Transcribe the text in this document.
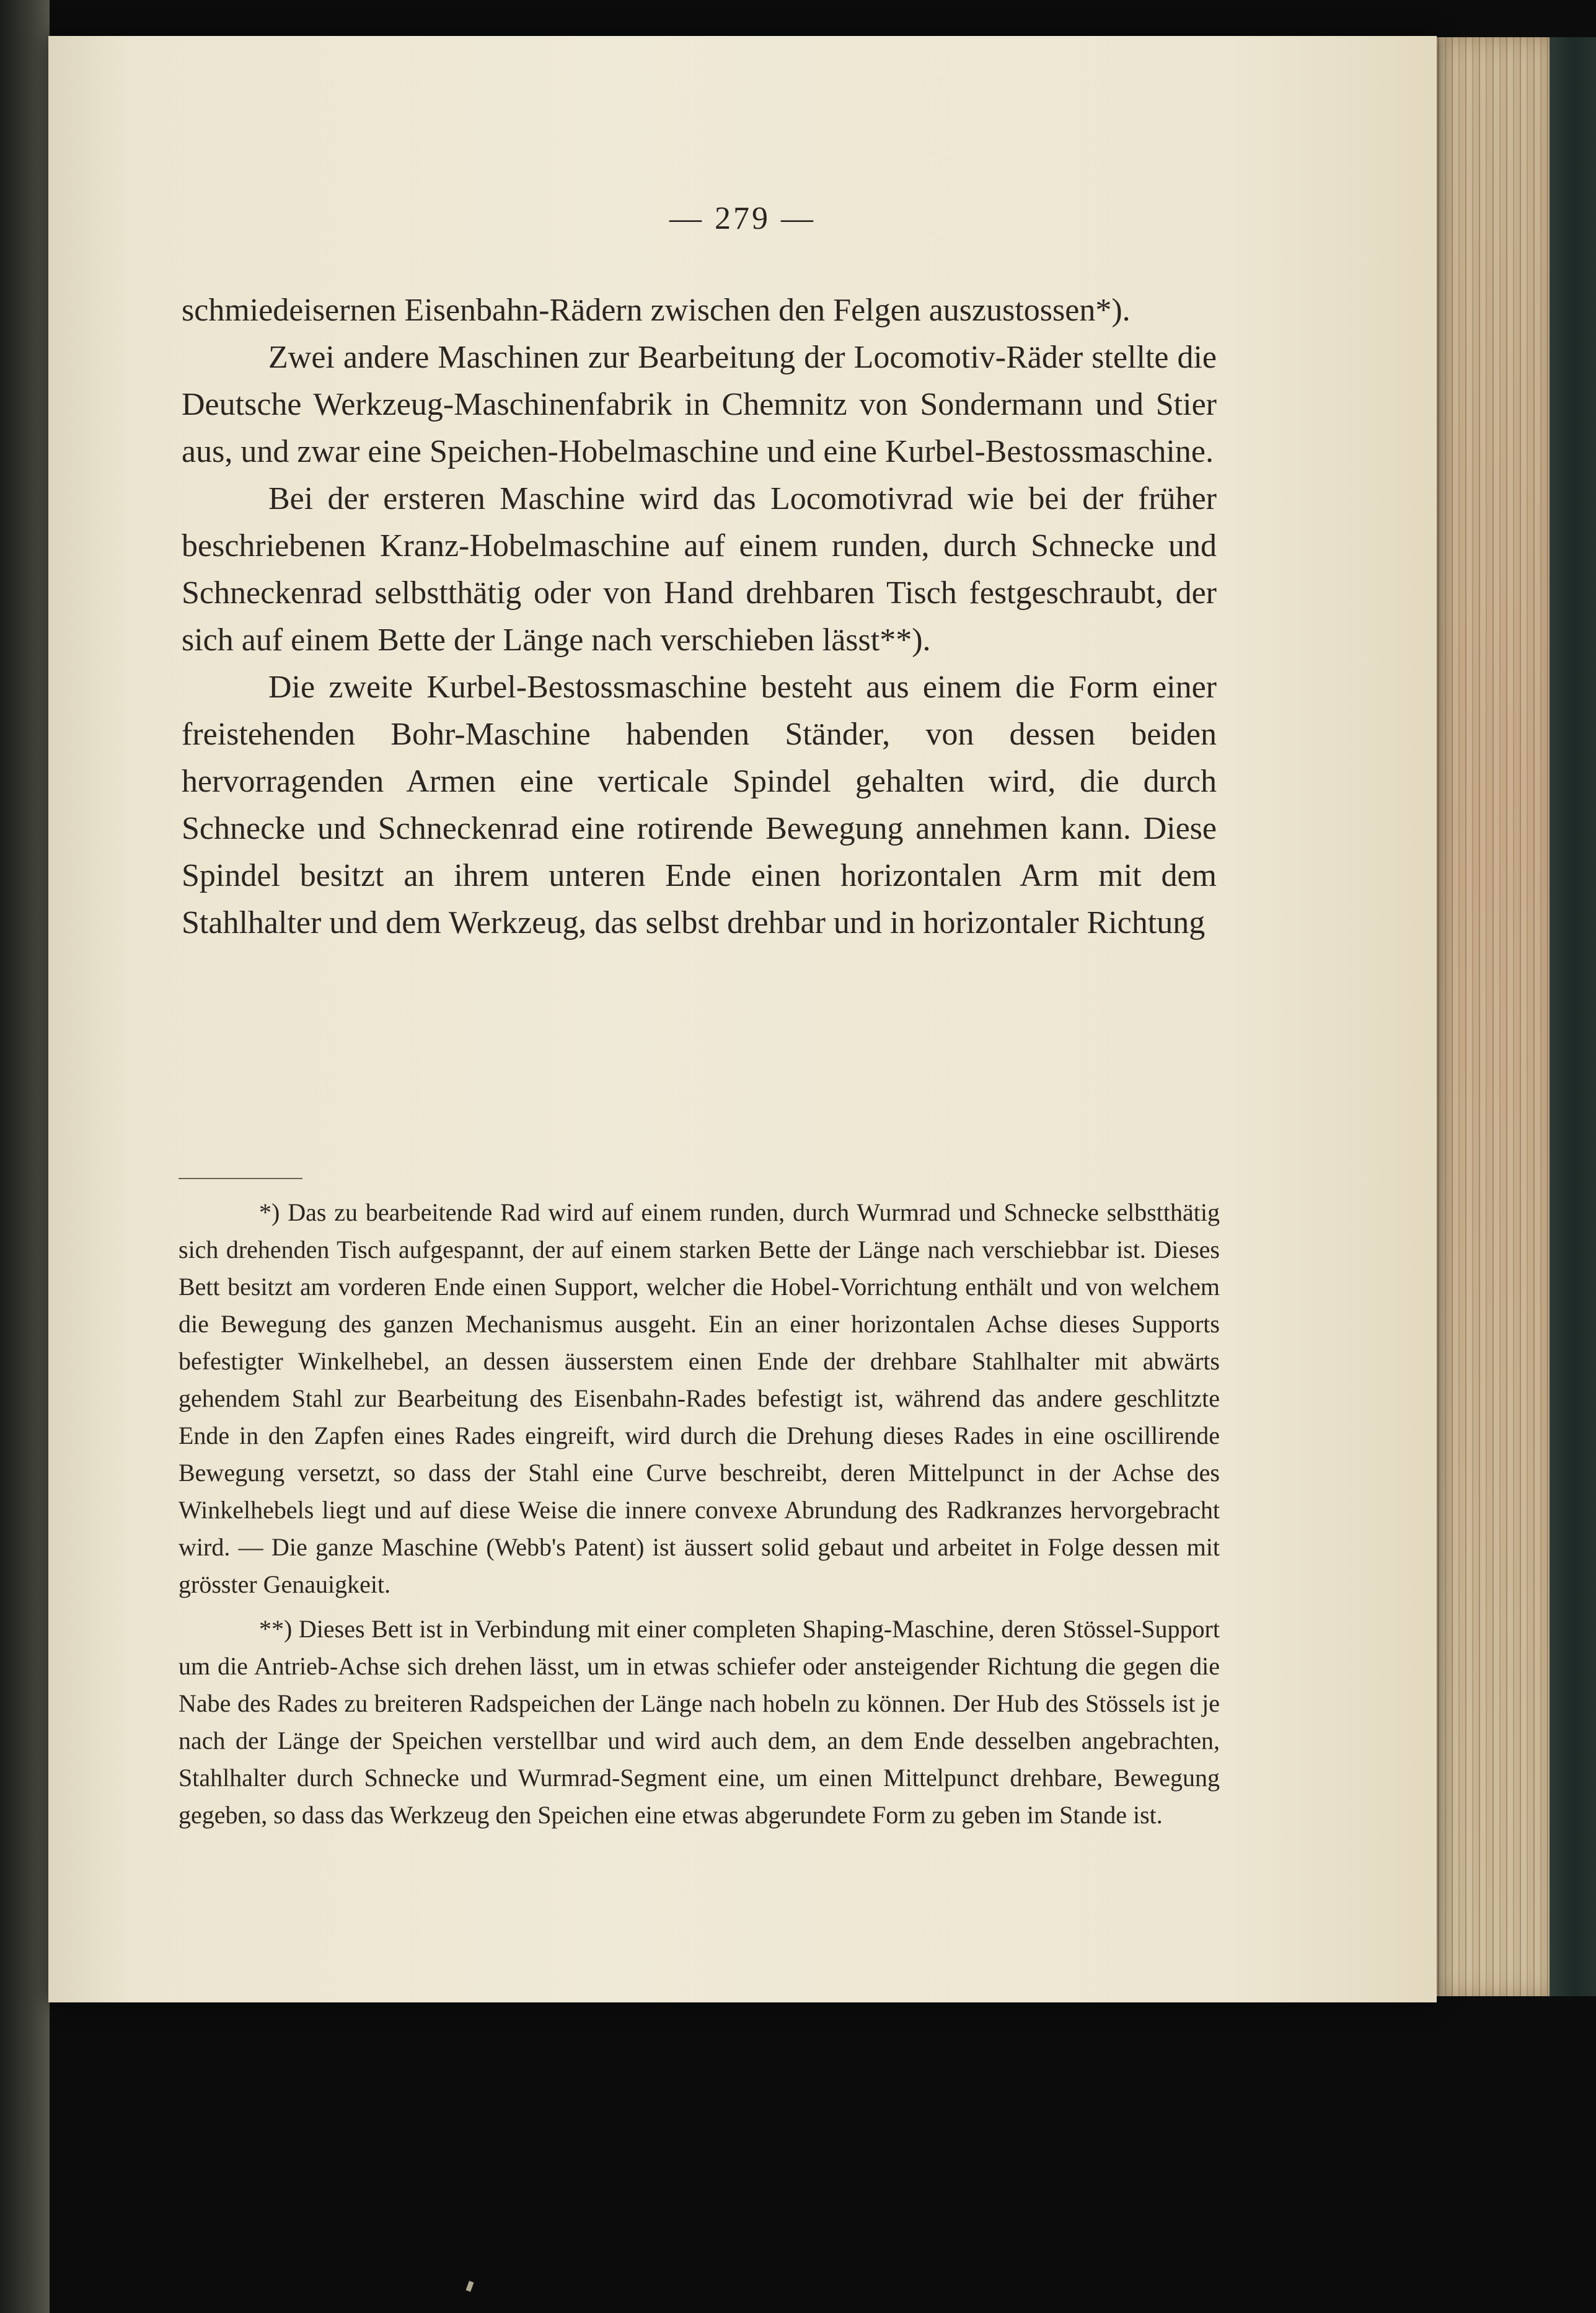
— 279 —

schmiedeisernen Eisenbahn-Rädern zwischen den Felgen auszustossen*).

Zwei andere Maschinen zur Bearbeitung der Locomotiv-Räder stellte die Deutsche Werkzeug-Maschinenfabrik in Chemnitz von Sondermann und Stier aus, und zwar eine Speichen-Hobelmaschine und eine Kurbel-Bestossmaschine.

Bei der ersteren Maschine wird das Locomotivrad wie bei der früher beschriebenen Kranz-Hobelmaschine auf einem runden, durch Schnecke und Schneckenrad selbstthätig oder von Hand drehbaren Tisch festgeschraubt, der sich auf einem Bette der Länge nach verschieben lässt**).

Die zweite Kurbel-Bestossmaschine besteht aus einem die Form einer freistehenden Bohr-Maschine habenden Ständer, von dessen beiden hervorragenden Armen eine verticale Spindel gehalten wird, die durch Schnecke und Schneckenrad eine rotirende Bewegung annehmen kann. Diese Spindel besitzt an ihrem unteren Ende einen horizontalen Arm mit dem Stahlhalter und dem Werkzeug, das selbst drehbar und in horizontaler Richtung

*) Das zu bearbeitende Rad wird auf einem runden, durch Wurmrad und Schnecke selbstthätig sich drehenden Tisch aufgespannt, der auf einem starken Bette der Länge nach verschiebbar ist. Dieses Bett besitzt am vorderen Ende einen Support, welcher die Hobel-Vorrichtung enthält und von welchem die Bewegung des ganzen Mechanismus ausgeht. Ein an einer horizontalen Achse dieses Supports befestigter Winkelhebel, an dessen äusserstem einen Ende der drehbare Stahlhalter mit abwärts gehendem Stahl zur Bearbeitung des Eisenbahn-Rades befestigt ist, während das andere geschlitzte Ende in den Zapfen eines Rades eingreift, wird durch die Drehung dieses Rades in eine oscillirende Bewegung versetzt, so dass der Stahl eine Curve beschreibt, deren Mittelpunct in der Achse des Winkelhebels liegt und auf diese Weise die innere convexe Abrundung des Radkranzes hervorgebracht wird. — Die ganze Maschine (Webb's Patent) ist äussert solid gebaut und arbeitet in Folge dessen mit grösster Genauigkeit.

**) Dieses Bett ist in Verbindung mit einer completen Shaping-Maschine, deren Stössel-Support um die Antrieb-Achse sich drehen lässt, um in etwas schiefer oder ansteigender Richtung die gegen die Nabe des Rades zu breiteren Radspeichen der Länge nach hobeln zu können. Der Hub des Stössels ist je nach der Länge der Speichen verstellbar und wird auch dem, an dem Ende desselben angebrachten, Stahlhalter durch Schnecke und Wurmrad-Segment eine, um einen Mittelpunct drehbare, Bewegung gegeben, so dass das Werkzeug den Speichen eine etwas abgerundete Form zu geben im Stande ist.
